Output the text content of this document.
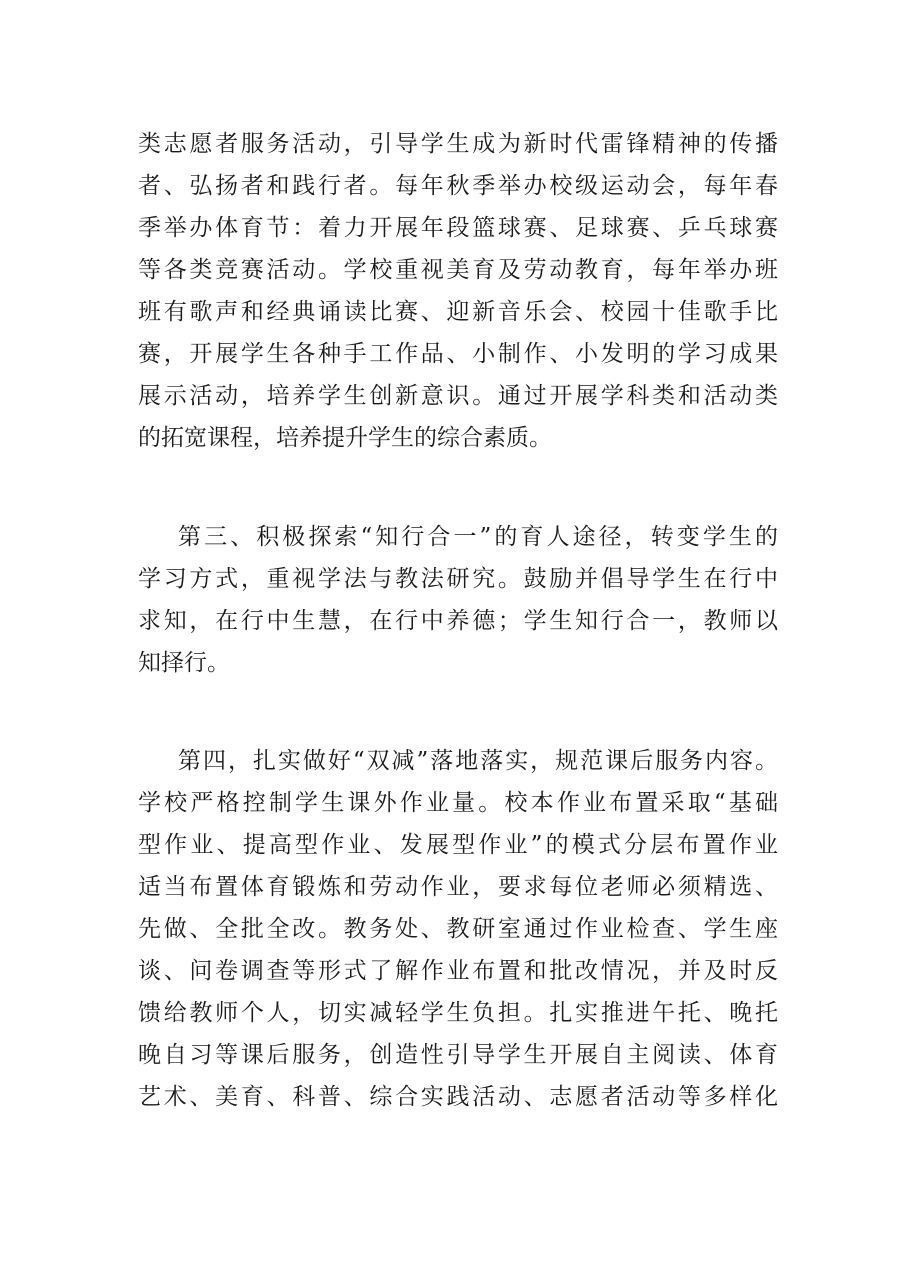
类志愿者服务活动，引导学生成为新时代雷锋精神的传播
者、弘扬者和践行者。每年秋季举办校级运动会，每年春
季举办体育节：着力开展年段篮球赛、足球赛、乒乓球赛
等各类竞赛活动。学校重视美育及劳动教育，每年举办班
班有歌声和经典诵读比赛、迎新音乐会、校园十佳歌手比
赛，开展学生各种手工作品、小制作、小发明的学习成果
展示活动，培养学生创新意识。通过开展学科类和活动类
的拓宽课程，培养提升学生的综合素质。
第三、积极探索“知行合一”的育人途径，转变学生的
学习方式，重视学法与教法研究。鼓励并倡导学生在行中
求知，在行中生慧，在行中养德；学生知行合一，教师以
知择行。
第四，扎实做好“双减”落地落实，规范课后服务内容。
学校严格控制学生课外作业量。校本作业布置采取“基础
型作业、提高型作业、发展型作业”的模式分层布置作业
适当布置体育锻炼和劳动作业，要求每位老师必须精选、
先做、全批全改。教务处、教研室通过作业检查、学生座
谈、问卷调查等形式了解作业布置和批改情况，并及时反
馈给教师个人，切实减轻学生负担。扎实推进午托、晚托
晚自习等课后服务，创造性引导学生开展自主阅读、体育
艺术、美育、科普、综合实践活动、志愿者活动等多样化
